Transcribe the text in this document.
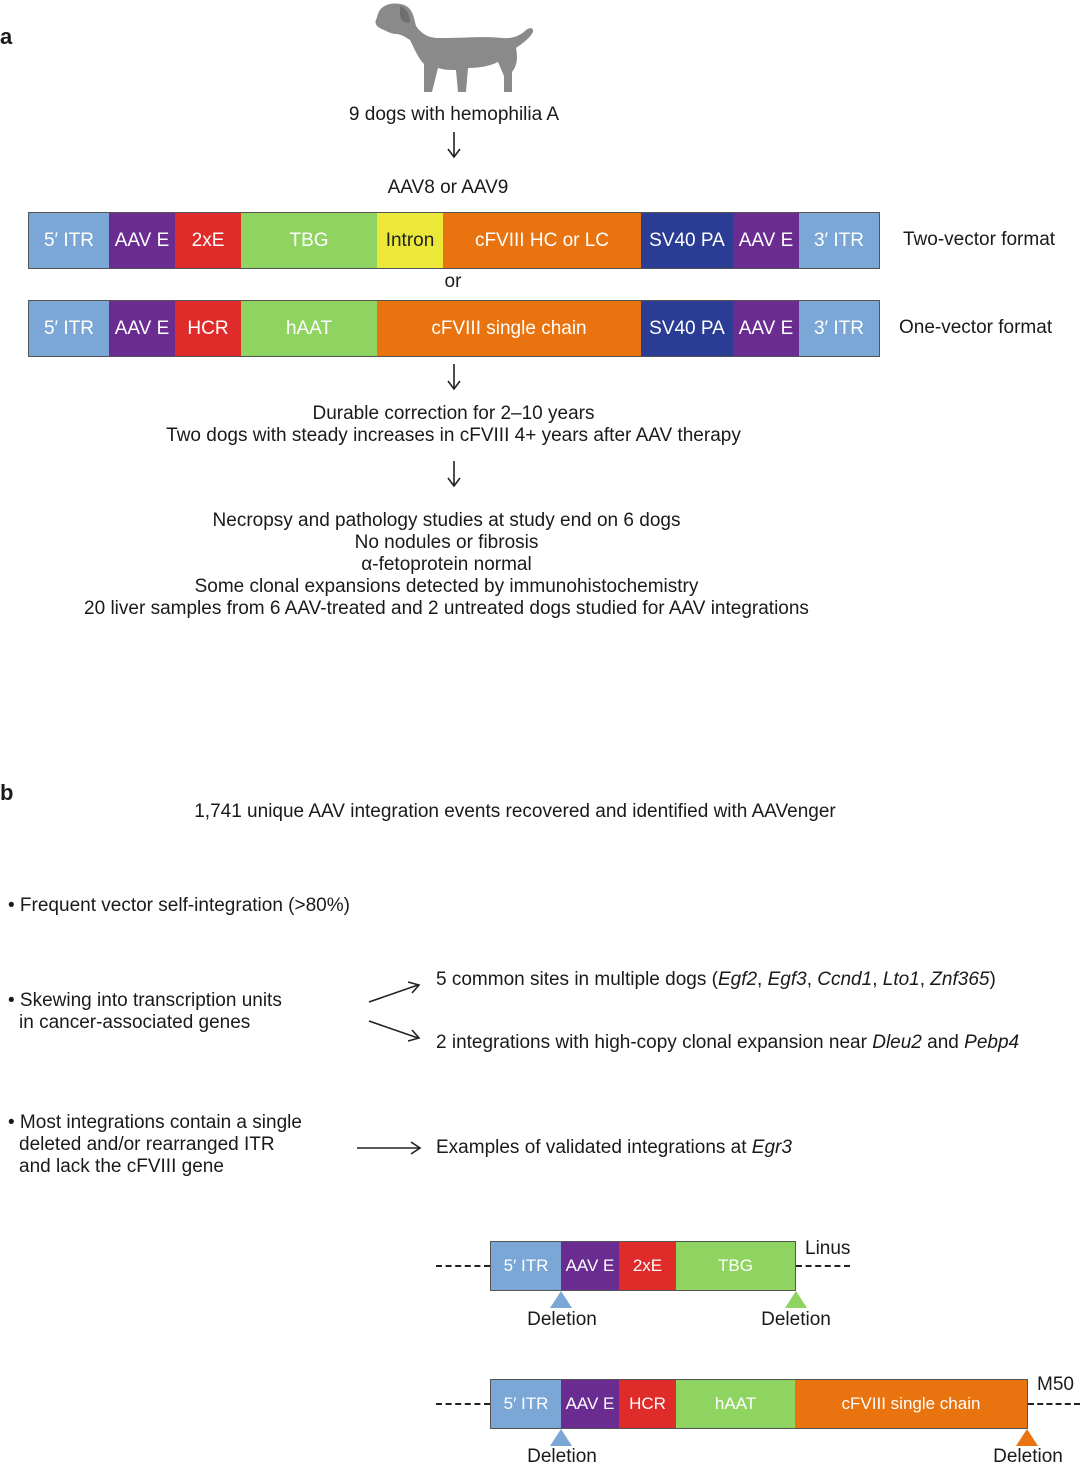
a
9 dogs with hemophilia A
AAV8 or AAV9
5′ ITR	AAV E	2xE	TBG	Intron	cFVIII HC or LC	SV40 PA AAV E	3′ ITR	Two-vector format
or
5′ ITR	AAV E HCR	hAAT	cFVIII single chain	SV40 PA AAV E	3′ ITR	One-vector format
Durable correction for 2–10 years
Two dogs with steady increases in cFVIII 4+ years after AAV therapy
Necropsy and pathology studies at study end on 6 dogs
No nodules or fibrosis
α-fetoprotein normal
Some clonal expansions detected by immunohistochemistry
20 liver samples from 6 AAV-treated and 2 untreated dogs studied for AAV integrations
b
1,741 unique AAV integration events recovered and identified with AAVenger
• Frequent vector self-integration (>80%)
• Skewing into transcription units
in cancer-associated genes
5 common sites in multiple dogs (Egf2, Egf3, Ccnd1, Lto1, Znf365)
2 integrations with high-copy clonal expansion near Dleu2 and Pebp4
• Most integrations contain a single
deleted and/or rearranged ITR
and lack the cFVIII gene
Examples of validated integrations at Egr3
5′ ITR	AAV E	2xE	TBG
Linus
Deletion	Deletion
5′ ITR	AAV E HCR	hAAT	cFVIII single chain
M50
Deletion	Deletion
